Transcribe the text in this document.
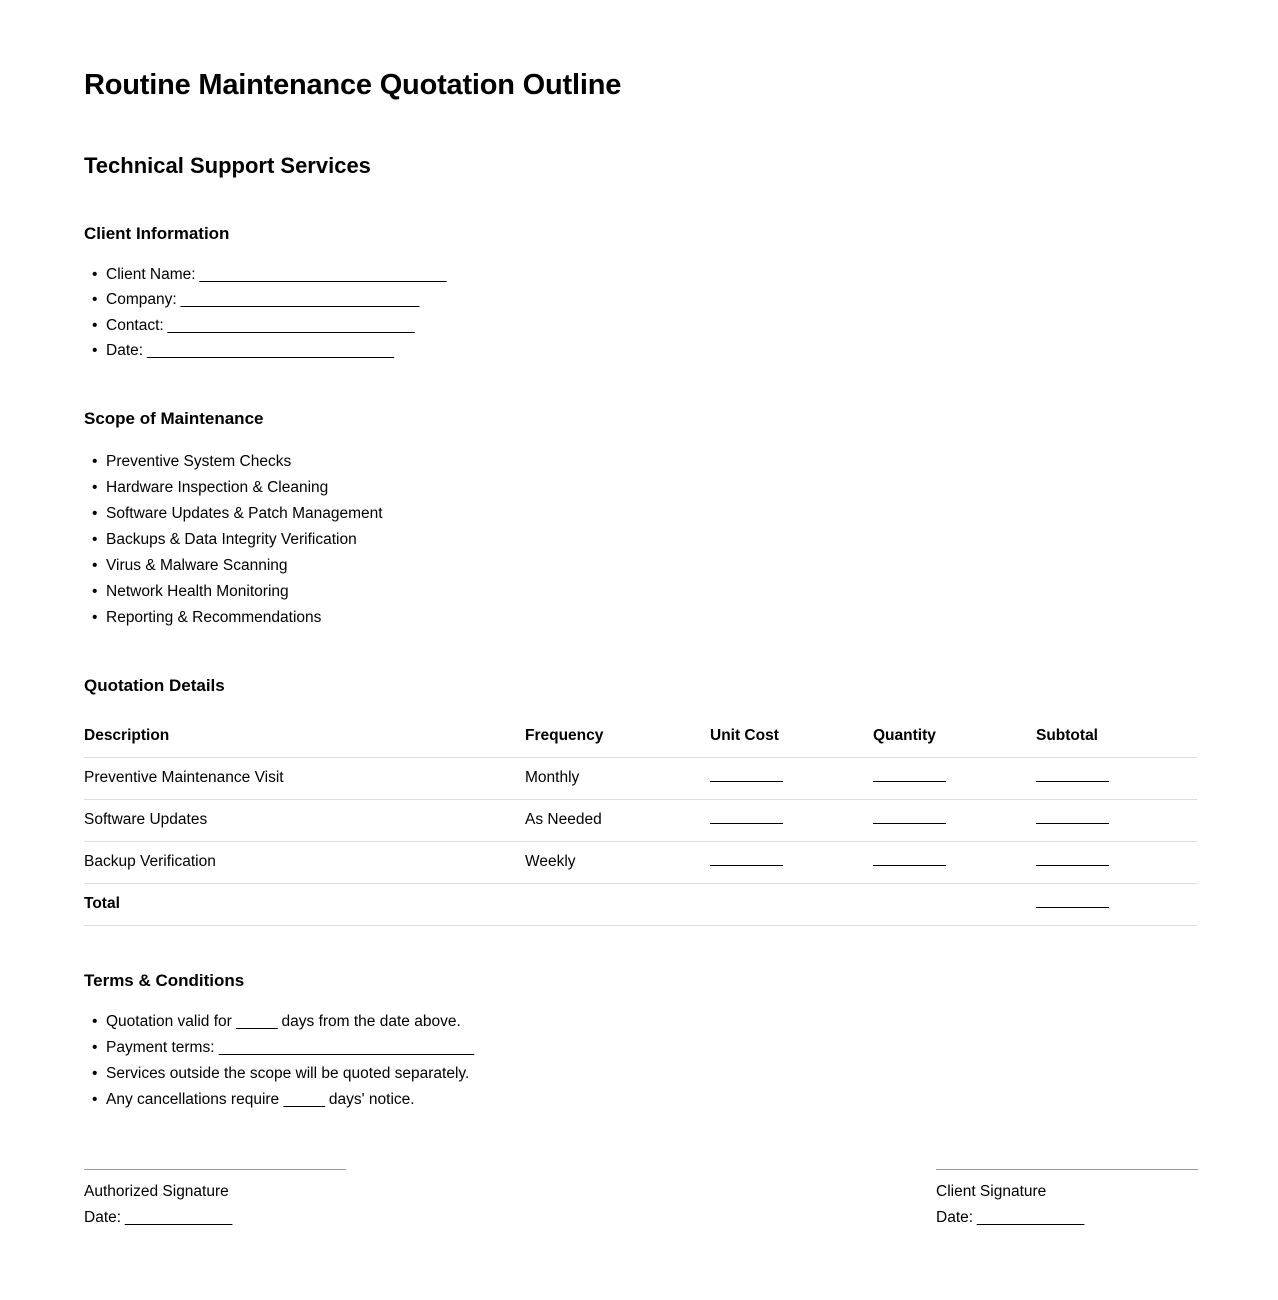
Routine Maintenance Quotation Outline
Technical Support Services
Client Information
• Client Name: ______________________________
• Company: _____________________________
• Contact: ______________________________
• Date: ______________________________
Scope of Maintenance
• Preventive System Checks
• Hardware Inspection & Cleaning
• Software Updates & Patch Management
• Backups & Data Integrity Verification
• Virus & Malware Scanning
• Network Health Monitoring
• Reporting & Recommendations
Quotation Details
Description	Frequency	Unit Cost	Quantity	Subtotal
Preventive Maintenance Visit	Monthly			
Software Updates	As Needed			
Backup Verification	Weekly			
Total				
Terms & Conditions
• Quotation valid for _____ days from the date above.
• Payment terms: _______________________________
• Services outside the scope will be quoted separately.
• Any cancellations require _____ days' notice.
Authorized Signature
Date: _____________
Client Signature
Date: _____________
